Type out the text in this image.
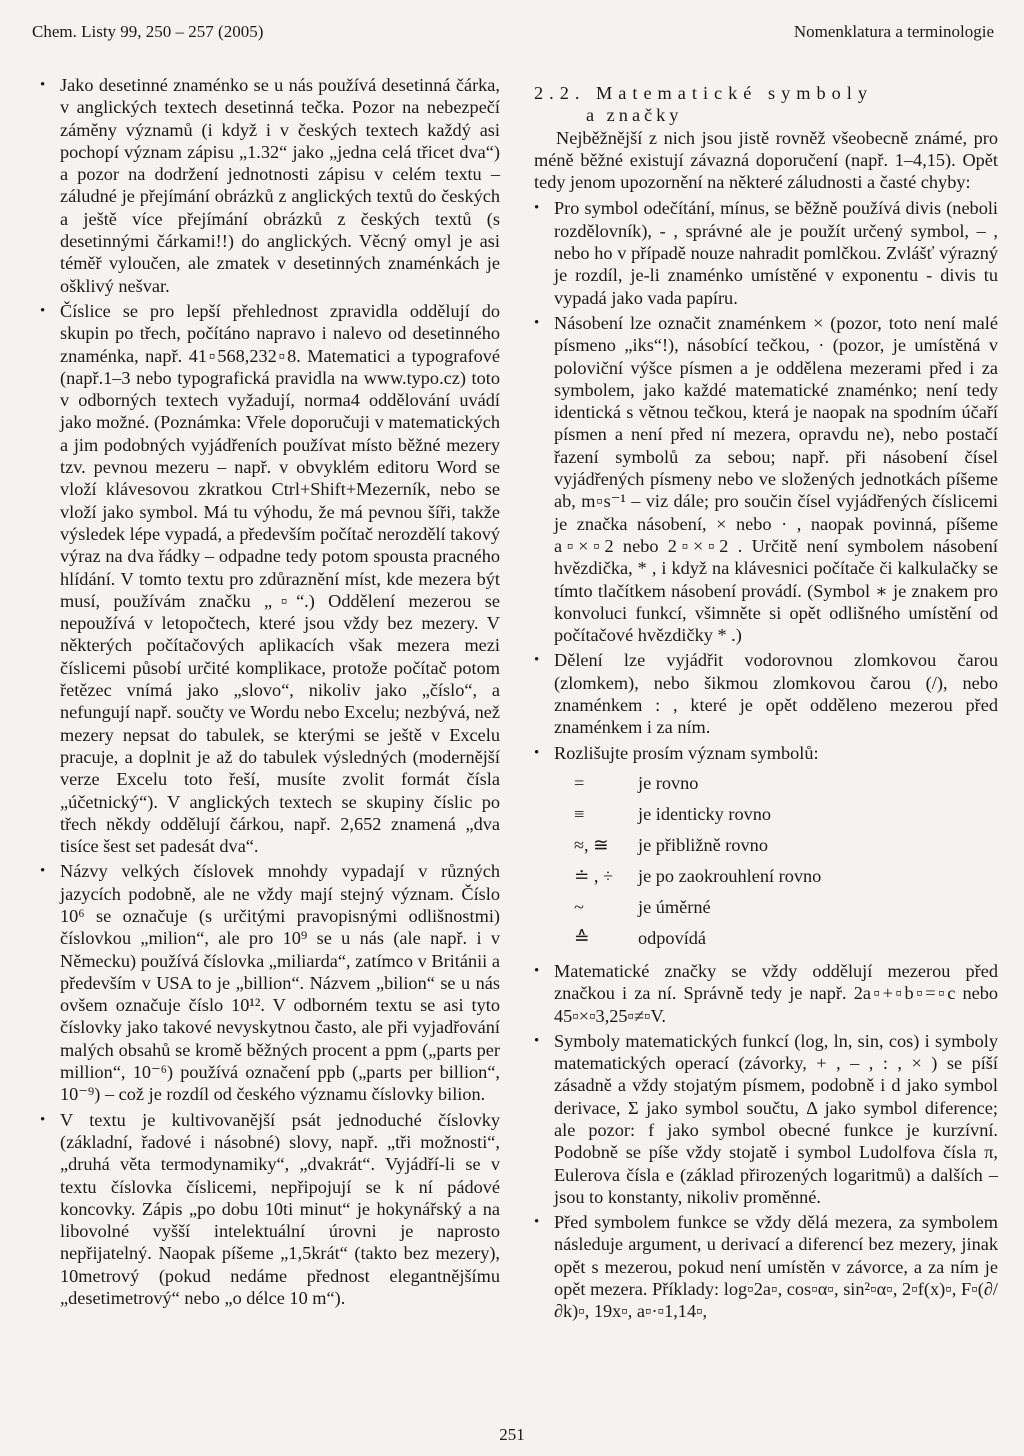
Chem. Listy 99, 250 – 257 (2005)	Nomenklatura a terminologie

• Jako desetinné znaménko se u nás používá desetinná čárka, v anglických textech desetinná tečka. Pozor na nebezpečí záměny významů (i když i v českých textech každý asi pochopí význam zápisu „1.32“ jako „jedna celá třicet dva“) a pozor na dodržení jednotnosti zápisu v celém textu – záludné je přejímání obrázků z anglických textů do českých a ještě více přejímání obrázků z českých textů (s desetinnými čárkami!!) do anglických. Věcný omyl je asi téměř vyloučen, ale zmatek v desetinných znaménkách je ošklivý nešvar.

• Číslice se pro lepší přehlednost zpravidla oddělují do skupin po třech, počítáno napravo i nalevo od desetinného znaménka, např. 41▫568,232▫8. Matematici a typografové (např.1–3 nebo typografická pravidla na www.typo.cz) toto v odborných textech vyžadují, norma4 oddělování uvádí jako možné. (Poznámka: Vřele doporučuji v matematických a jim podobných vyjádřeních používat místo běžné mezery tzv. pevnou mezeru – např. v obvyklém editoru Word se vloží klávesovou zkratkou Ctrl+Shift+Mezerník, nebo se vloží jako symbol. Má tu výhodu, že má pevnou šíři, takže výsledek lépe vypadá, a především počítač nerozdělí takový výraz na dva řádky – odpadne tedy potom spousta pracného hlídání. V tomto textu pro zdůraznění míst, kde mezera být musí, používám značku „▫“.) Oddělení mezerou se nepoužívá v letopočtech, které jsou vždy bez mezery. V některých počítačových aplikacích však mezera mezi číslicemi působí určité komplikace, protože počítač potom řetězec vnímá jako „slovo“, nikoliv jako „číslo“, a nefungují např. součty ve Wordu nebo Excelu; nezbývá, než mezery nepsat do tabulek, se kterými se ještě v Excelu pracuje, a doplnit je až do tabulek výsledných (modernější verze Excelu toto řeší, musíte zvolit formát čísla „účetnický“). V anglických textech se skupiny číslic po třech někdy oddělují čárkou, např. 2,652 znamená „dva tisíce šest set padesát dva“.

• Názvy velkých číslovek mnohdy vypadají v různých jazycích podobně, ale ne vždy mají stejný význam. Číslo 10⁶ se označuje (s určitými pravopisnými odlišnostmi) číslovkou „milion“, ale pro 10⁹ se u nás (ale např. i v Německu) používá číslovka „miliarda“, zatímco v Británii a především v USA to je „billion“. Názvem „bilion“ se u nás ovšem označuje číslo 10¹². V odborném textu se asi tyto číslovky jako takové nevyskytnou často, ale při vyjadřování malých obsahů se kromě běžných procent a ppm („parts per million“, 10⁻⁶) používá označení ppb („parts per billion“, 10⁻⁹) – což je rozdíl od českého významu číslovky bilion.

• V textu je kultivovanější psát jednoduché číslovky (základní, řadové i násobné) slovy, např. „tři možnosti“, „druhá věta termodynamiky“, „dvakrát“. Vyjádří-li se v textu číslovka číslicemi, nepřipojují se k ní pádové koncovky. Zápis „po dobu 10ti minut“ je hokynářský a na libovolné vyšší intelektuální úrovni je naprosto nepřijatelný. Naopak píšeme „1,5krát“ (takto bez mezery), 10metrový (pokud nedáme přednost elegantnějšímu „desetimetrový“ nebo „o délce 10 m“).

2.2. Matematické symboly
a značky

Nejběžnější z nich jsou jistě rovněž všeobecně známé, pro méně běžné existují závazná doporučení (např. 1–4,15). Opět tedy jenom upozornění na některé záludnosti a časté chyby:

• Pro symbol odečítání, mínus, se běžně používá divis (neboli rozdělovník), - , správné ale je použít určený symbol, – , nebo ho v případě nouze nahradit pomlčkou. Zvlášť výrazný je rozdíl, je-li znaménko umístěné v exponentu - divis tu vypadá jako vada papíru.

• Násobení lze označit znaménkem × (pozor, toto není malé písmeno „iks“!), násobící tečkou, · (pozor, je umístěná v poloviční výšce písmen a je oddělena mezerami před i za symbolem, jako každé matematické znaménko; není tedy identická s větnou tečkou, která je naopak na spodním účaří písmen a není před ní mezera, opravdu ne), nebo postačí řazení symbolů za sebou; např. při násobení čísel vyjádřených písmeny nebo ve složených jednotkách píšeme ab, m▫s⁻¹ – viz dále; pro součin čísel vyjádřených číslicemi je značka násobení, × nebo · , naopak povinná, píšeme a▫×▫2 nebo 2▫×▫2 . Určitě není symbolem násobení hvězdička, * , i když na klávesnici počítače či kalkulačky se tímto tlačítkem násobení provádí. (Symbol ∗ je znakem pro konvoluci funkcí, všimněte si opět odlišného umístění od počítačové hvězdičky * .)

• Dělení lze vyjádřit vodorovnou zlomkovou čarou (zlomkem), nebo šikmou zlomkovou čarou (/), nebo znaménkem : , které je opět odděleno mezerou před znaménkem i za ním.

• Rozlišujte prosím význam symbolů:

=	je rovno
≡	je identicky rovno
≈, ≅	je přibližně rovno
≐ , ÷	je po zaokrouhlení rovno
~	je úměrné
≙	odpovídá

• Matematické značky se vždy oddělují mezerou před značkou i za ní. Správně tedy je např. 2a▫+▫b▫=▫c nebo 45▫×▫3,25▫≠▫V.

• Symboly matematických funkcí (log, ln, sin, cos) i symboly matematických operací (závorky, + , – , : , × ) se píší zásadně a vždy stojatým písmem, podobně i d jako symbol derivace, Σ jako symbol součtu, Δ jako symbol diference; ale pozor: f jako symbol obecné funkce je kurzívní. Podobně se píše vždy stojatě i symbol Ludolfova čísla π, Eulerova čísla e (základ přirozených logaritmů) a dalších – jsou to konstanty, nikoliv proměnné.

• Před symbolem funkce se vždy dělá mezera, za symbolem následuje argument, u derivací a diferencí bez mezery, jinak opět s mezerou, pokud není umístěn v závorce, a za ním je opět mezera. Příklady: log▫2a▫, cos▫α▫, sin²▫α▫, 2▫f(x)▫, F▫(∂/∂k)▫, 19x▫, a▫·▫1,14▫,

251
